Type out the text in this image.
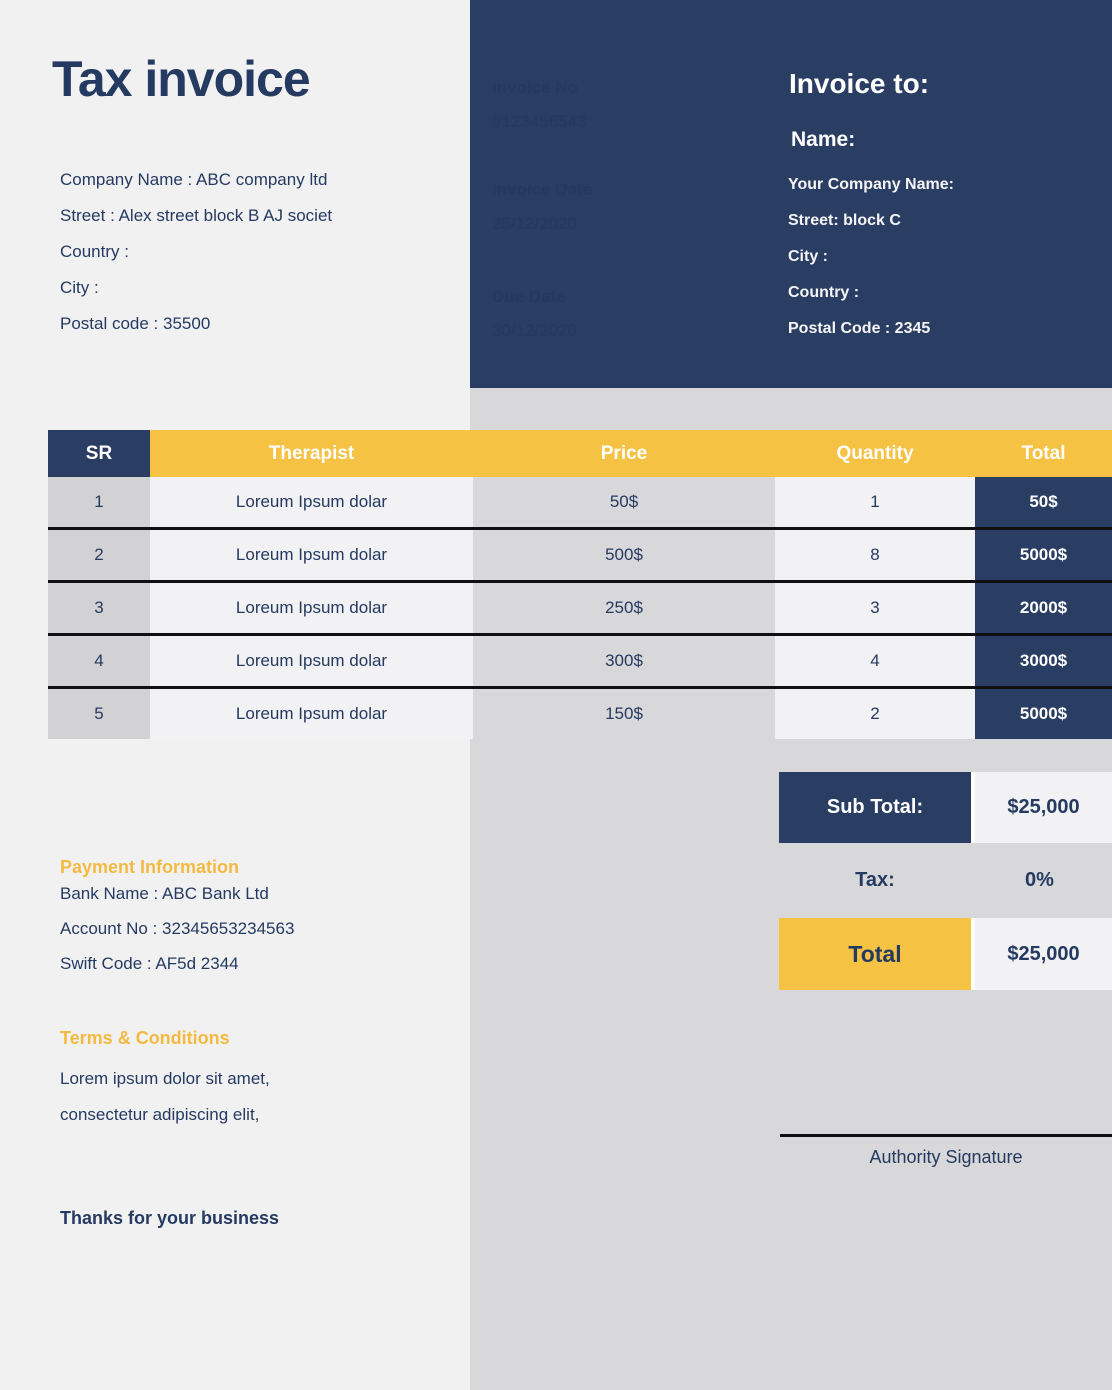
Tax invoice
Company Name : ABC company ltd
Street : Alex street block B AJ societ
Country :
City :
Postal code : 35500
Invoice No
#123456543
Invoice Date
25/12/2020
Due Date
30/12/2020
Invoice to:
Name:
Your Company Name:
Street: block C
City :
Country :
Postal Code : 2345
SR	Therapist	Price	Quantity	Total
1	Loreum Ipsum dolar	50$	1	50$
2	Loreum Ipsum dolar	500$	8	5000$
3	Loreum Ipsum dolar	250$	3	2000$
4	Loreum Ipsum dolar	300$	4	3000$
5	Loreum Ipsum dolar	150$	2	5000$
Sub Total:	$25,000
Tax:	0%
Total	$25,000
Payment Information
Bank Name : ABC Bank Ltd
Account No : 32345653234563
Swift Code : AF5d 2344
Terms & Conditions
Lorem ipsum dolor sit amet,
consectetur adipiscing elit,
Thanks for your business
Authority Signature
